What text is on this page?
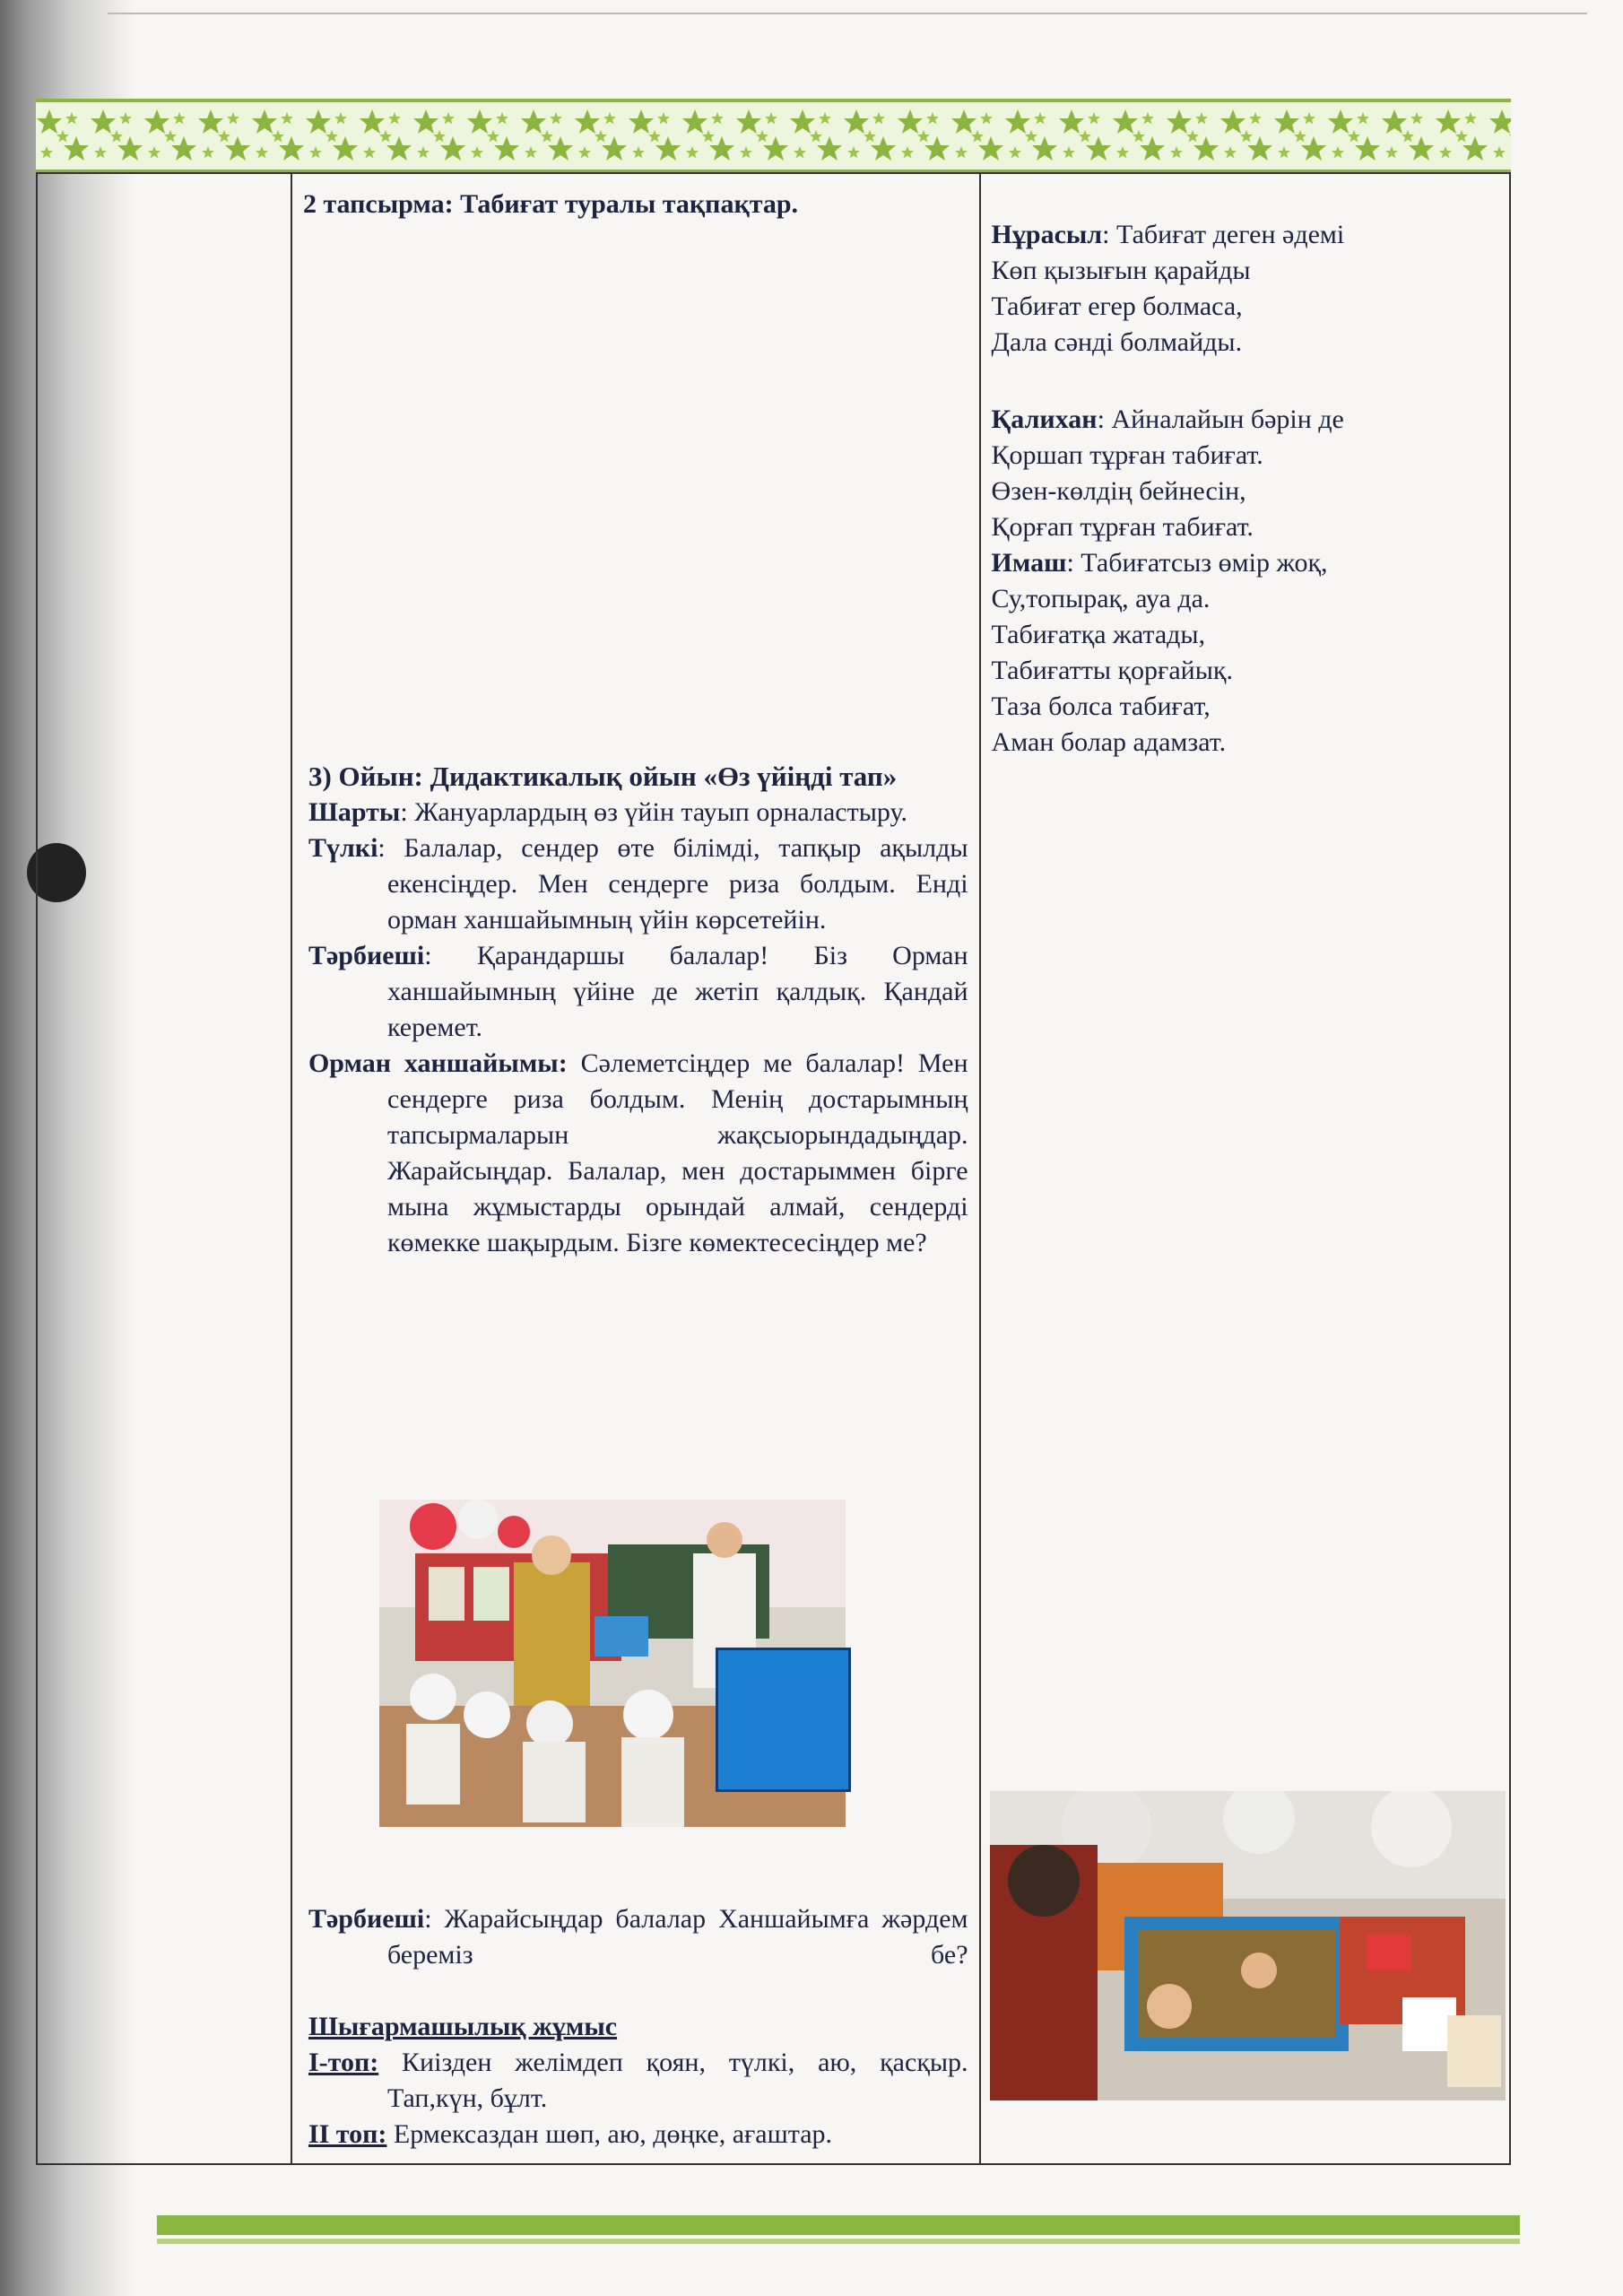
2 тапсырма: Табиғат туралы тақпақтар.
3) Ойын: Дидактикалық ойын «Өз үйіңді тап»
Шарты: Жануарлардың өз үйін тауып орналастыру.
Түлкі: Балалар, сендер өте білімді, тапқыр ақылды екенсіңдер. Мен сендерге риза болдым. Енді орман ханшайымның үйін көрсетейін.
Тәрбиеші: Қарандаршы балалар! Біз Орман ханшайымның үйіне де жетіп қалдық. Қандай керемет.
Орман ханшайымы: Сәлеметсіңдер ме балалар! Мен сендерге риза болдым. Менің достарымның тапсырмаларын жақсыорындадыңдар. Жарайсыңдар. Балалар, мен достарыммен бірге мына жұмыстарды орындай алмай, сендерді көмекке шақырдым. Бізге көмектесесіңдер ме?
Тәрбиеші: Жарайсыңдар балалар Ханшайымға жәрдем береміз бе?
Шығармашылық жұмыс
І-топ: Киізден желімдеп қоян, түлкі, аю, қасқыр. Тап,күн, бұлт.
ІІ топ: Ермексаздан шөп, аю, дөңке, ағаштар.

Нұрасыл: Табиғат деген әдемі
Көп қызығын қарайды
Табиғат егер болмаса,
Дала сәнді болмайды.
Қалихан: Айналайын бәрін де
Қоршап тұрған табиғат.
Өзен-көлдің бейнесін,
Қорғап тұрған табиғат.
Имаш: Табиғатсыз өмір жоқ,
Су,топырақ, ауа да.
Табиғатқа жатады,
Табиғатты қорғайық.
Таза болса табиғат,
Аман болар адамзат.
